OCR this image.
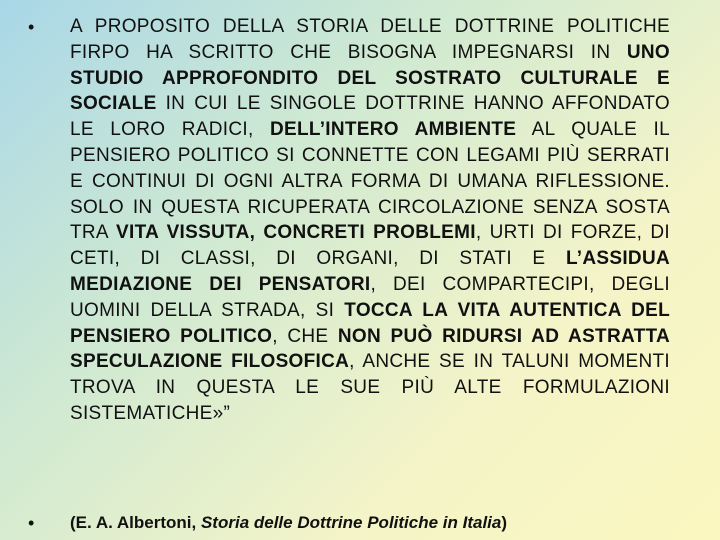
•
•
A PROPOSITO DELLA STORIA DELLE DOTTRINE POLITICHE FIRPO HA SCRITTO CHE BISOGNA IMPEGNARSI IN UNO STUDIO APPROFONDITO DEL SOSTRATO CULTURALE E SOCIALE IN CUI LE SINGOLE DOTTRINE HANNO AFFONDATO LE LORO RADICI, DELL’INTERO AMBIENTE AL QUALE IL PENSIERO POLITICO SI CONNETTE CON LEGAMI PIÙ SERRATI E CONTINUI DI OGNI ALTRA FORMA DI UMANA RIFLESSIONE. SOLO IN QUESTA RICUPERATA CIRCOLAZIONE SENZA SOSTA TRA VITA VISSUTA, CONCRETI PROBLEMI, URTI DI FORZE, DI CETI, DI CLASSI, DI ORGANI, DI STATI E L’ASSIDUA MEDIAZIONE DEI PENSATORI, DEI COMPARTECIPI, DEGLI UOMINI DELLA STRADA, SI TOCCA LA VITA AUTENTICA DEL PENSIERO POLITICO, CHE NON PUÒ RIDURSI AD ASTRATTA SPECULAZIONE FILOSOFICA, ANCHE SE IN TALUNI MOMENTI TROVA IN QUESTA LE SUE PIÙ ALTE FORMULAZIONI SISTEMATICHE»”
(E. A. Albertoni, Storia delle Dottrine Politiche in Italia)
